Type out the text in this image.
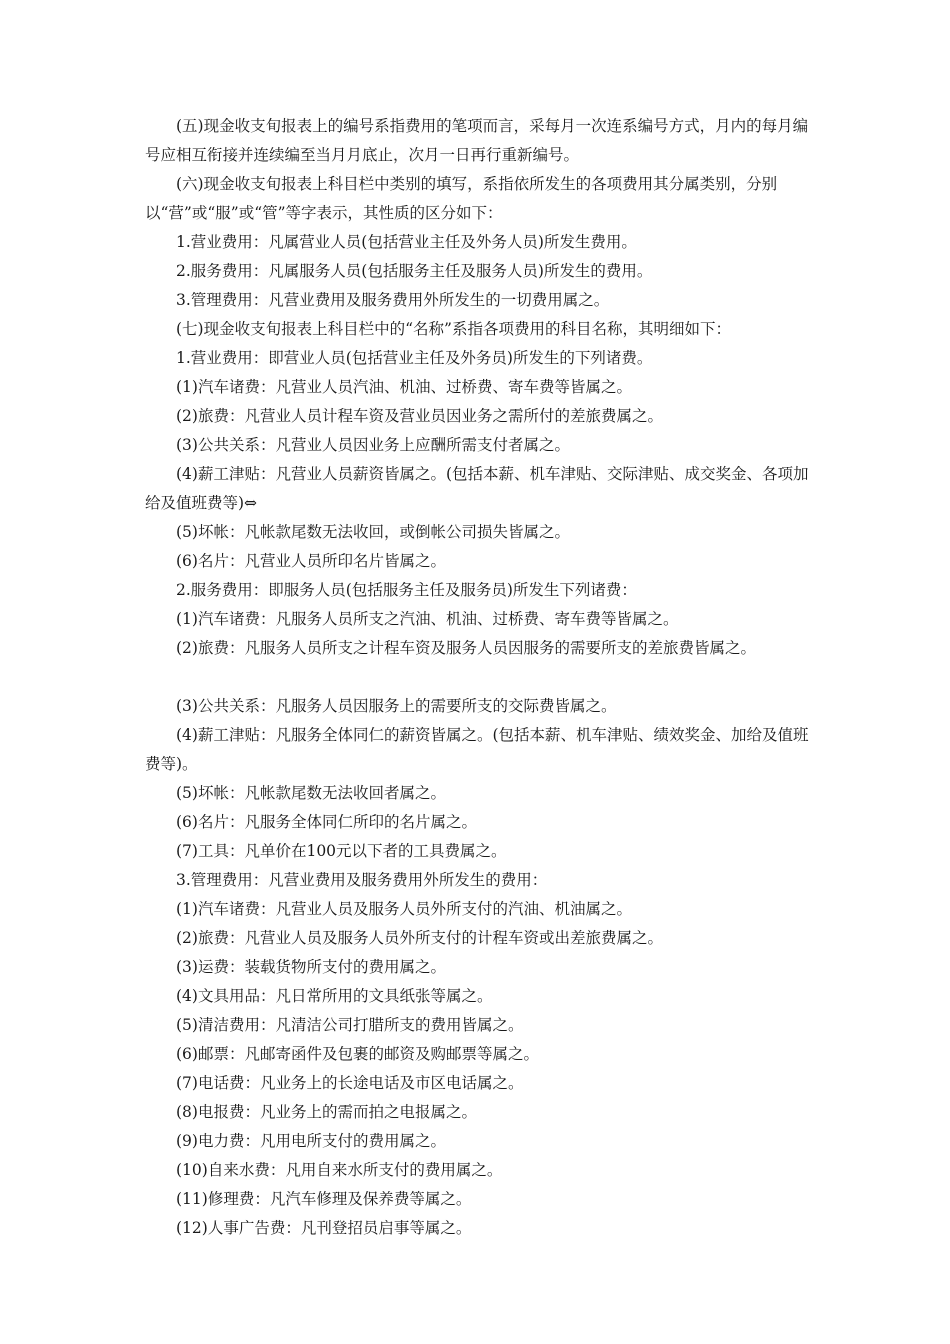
(五)现金收支旬报表上的编号系指费用的笔项而言，采每月一次连系编号方式，月内的每月编号应相互衔接并连续编至当月月底止，次月一日再行重新编号。

(六)现金收支旬报表上科目栏中类别的填写，系指依所发生的各项费用其分属类别，分别以“营”或“服”或“管”等字表示，其性质的区分如下：

1.营业费用：凡属营业人员(包括营业主任及外务人员)所发生费用。

2.服务费用：凡属服务人员(包括服务主任及服务人员)所发生的费用。

3.管理费用：凡营业费用及服务费用外所发生的一切费用属之。

(七)现金收支旬报表上科目栏中的“名称”系指各项费用的科目名称，其明细如下：

1.营业费用：即营业人员(包括营业主任及外务员)所发生的下列诸费。

(1)汽车诸费：凡营业人员汽油、机油、过桥费、寄车费等皆属之。

(2)旅费：凡营业人员计程车资及营业员因业务之需所付的差旅费属之。

(3)公共关系：凡营业人员因业务上应酬所需支付者属之。

(4)薪工津贴：凡营业人员薪资皆属之。(包括本薪、机车津贴、交际津贴、成交奖金、各项加给及值班费等)⇔

(5)坏帐：凡帐款尾数无法收回，或倒帐公司损失皆属之。

(6)名片：凡营业人员所印名片皆属之。

2.服务费用：即服务人员(包括服务主任及服务员)所发生下列诸费：

(1)汽车诸费：凡服务人员所支之汽油、机油、过桥费、寄车费等皆属之。

(2)旅费：凡服务人员所支之计程车资及服务人员因服务的需要所支的差旅费皆属之。

(3)公共关系：凡服务人员因服务上的需要所支的交际费皆属之。

(4)薪工津贴：凡服务全体同仁的薪资皆属之。(包括本薪、机车津贴、绩效奖金、加给及值班费等)。

(5)坏帐：凡帐款尾数无法收回者属之。

(6)名片：凡服务全体同仁所印的名片属之。

(7)工具：凡单价在100元以下者的工具费属之。

3.管理费用：凡营业费用及服务费用外所发生的费用：

(1)汽车诸费：凡营业人员及服务人员外所支付的汽油、机油属之。

(2)旅费：凡营业人员及服务人员外所支付的计程车资或出差旅费属之。

(3)运费：装载货物所支付的费用属之。

(4)文具用品：凡日常所用的文具纸张等属之。

(5)清洁费用：凡清洁公司打腊所支的费用皆属之。

(6)邮票：凡邮寄函件及包裹的邮资及购邮票等属之。

(7)电话费：凡业务上的长途电话及市区电话属之。

(8)电报费：凡业务上的需而拍之电报属之。

(9)电力费：凡用电所支付的费用属之。

(10)自来水费：凡用自来水所支付的费用属之。

(11)修理费：凡汽车修理及保养费等属之。

(12)人事广告费：凡刊登招员启事等属之。
